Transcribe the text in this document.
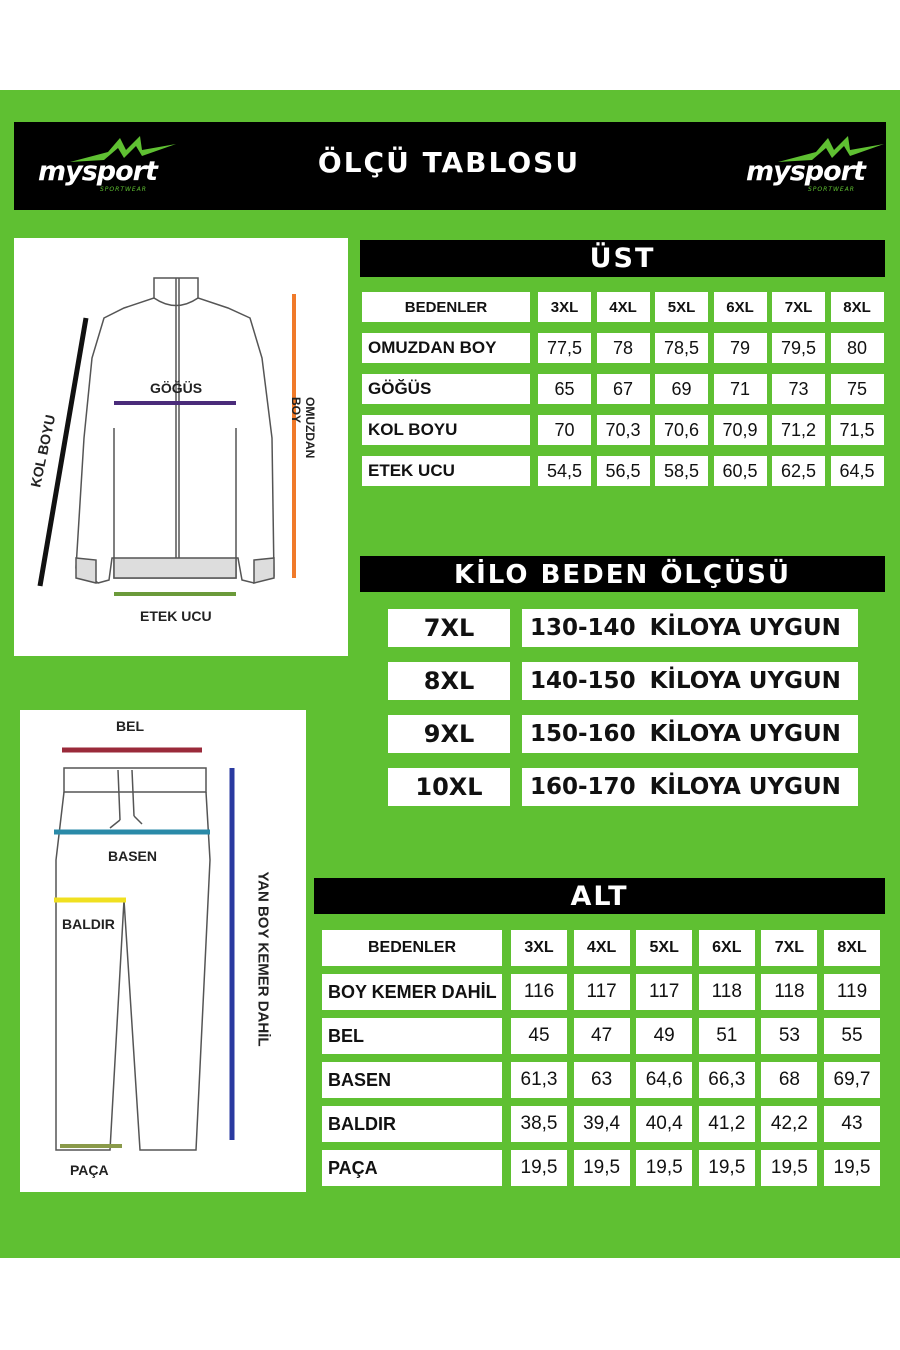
mysport
SPORTWEAR
ÖLÇÜ TABLOSU	mysport
SPORTWEAR
GÖĞÜS
ETEK UCU
KOL BOYU	OMUZDAN BOY
BEL
BASEN
BALDIR
PAÇA
YAN BOY KEMER DAHİL
ÜST
BEDENLER	3XL	4XL	5XL	6XL	7XL	8XL
OMUZDAN BOY	77,5	78	78,5	79	79,5	80
GÖĞÜS	65	67	69	71	73	75
KOL BOYU	70	70,3	70,6	70,9	71,2	71,5
ETEK UCU	54,5	56,5	58,5	60,5	62,5	64,5
KİLO BEDEN ÖLÇÜSÜ
7XL	130-140 KİLOYA UYGUN
8XL	140-150 KİLOYA UYGUN
9XL	150-160 KİLOYA UYGUN
10XL	160-170 KİLOYA UYGUN
ALT
BEDENLER	3XL	4XL	5XL	6XL	7XL	8XL
BOY KEMER DAHİL	116	117	117	118	118	119
BEL	45	47	49	51	53	55
BASEN	61,3	63	64,6	66,3	68	69,7
BALDIR	38,5	39,4	40,4	41,2	42,2	43
PAÇA	19,5	19,5	19,5	19,5	19,5	19,5
